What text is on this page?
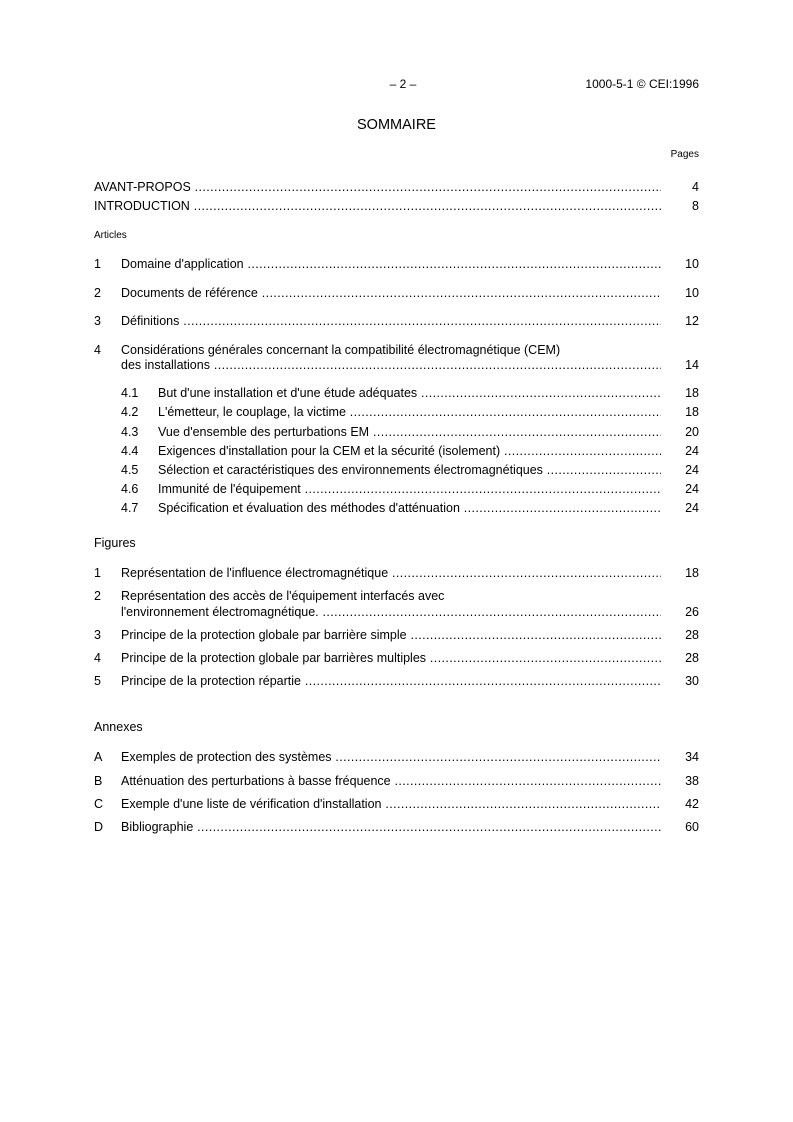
– 2 –	1000-5-1 © CEI:1996
SOMMAIRE
Pages
AVANT-PROPOS .....	4
INTRODUCTION .....	8
Articles
1 Domaine d'application .....	10
2 Documents de référence .....	10
3 Définitions .....	12
4 Considérations générales concernant la compatibilité électromagnétique (CEM)
des installations .....	14
4.1 But d'une installation et d'une étude adéquates .....	18
4.2 L'émetteur, le couplage, la victime .....	18
4.3 Vue d'ensemble des perturbations EM .....	20
4.4 Exigences d'installation pour la CEM et la sécurité (isolement) .....	24
4.5 Sélection et caractéristiques des environnements électromagnétiques .....	24
4.6 Immunité de l'équipement .....	24
4.7 Spécification et évaluation des méthodes d'atténuation .....	24
Figures
1 Représentation de l'influence électromagnétique .....	18
2 Représentation des accès de l'équipement interfacés avec
l'environnement électromagnétique. .....	26
3 Principe de la protection globale par barrière simple .....	28
4 Principe de la protection globale par barrières multiples .....	28
5 Principe de la protection répartie .....	30
Annexes
A Exemples de protection des systèmes .....	34
B Atténuation des perturbations à basse fréquence .....	38
C Exemple d'une liste de vérification d'installation .....	42
D Bibliographie .....	60
